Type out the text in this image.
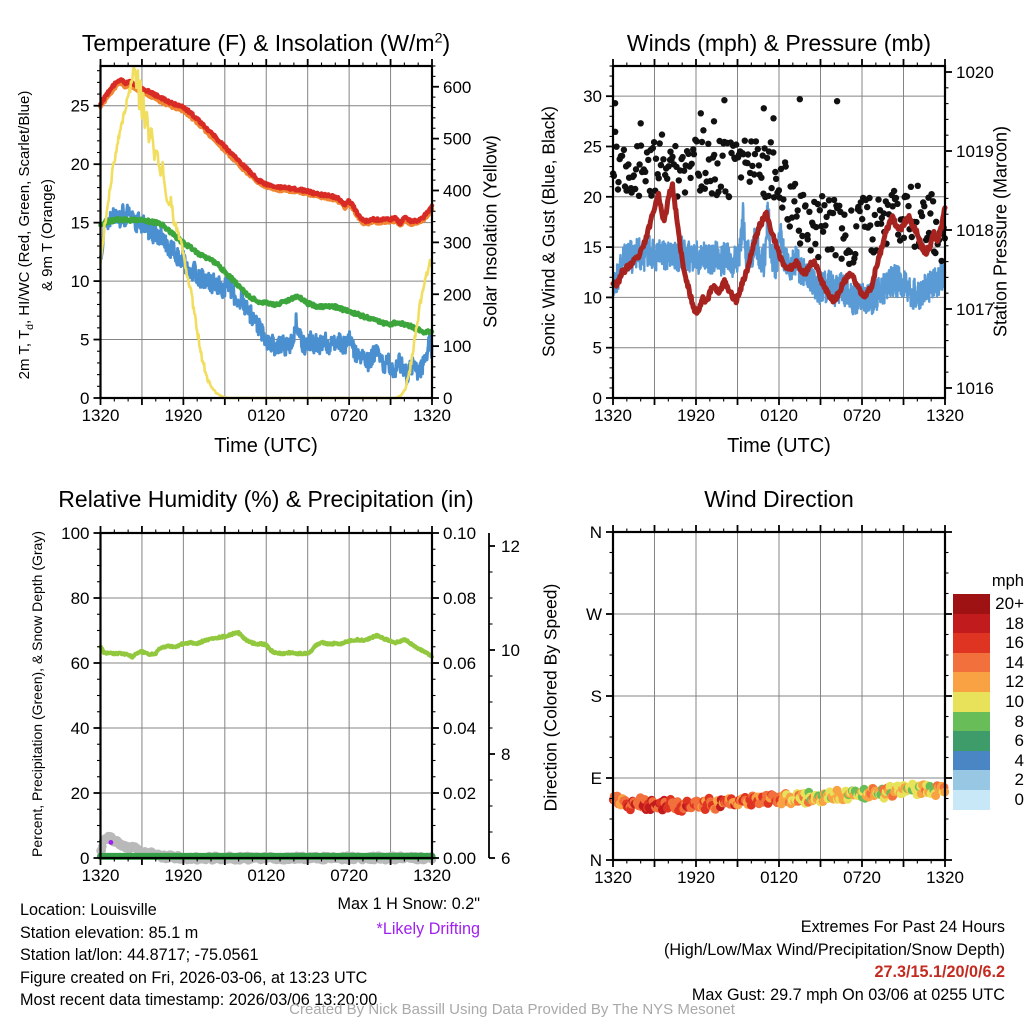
1320	1920	0120	0720	1320
0
5
10
15
20
25
0
100
200
300
400
500
600
1320	1920	0120	0720	1320
0
5
10
15
20
25
30
1016
1017
1018
1019
1020
1320	1920	0120	0720	1320
0
20
40
60
80
100
0.00
0.02
0.04
0.06
0.08
0.10
6
8
10
12
1320	1920	0120	0720	1320
N
E
S
W
N
Temperature (F) & Insolation $(W/m^2)$	Winds (mph) & Pressure (mb)
Relative Humidity (%) & Precipitation (in)	Wind Direction
Time (UTC)	Time (UTC)
2m T, $T_d$, HI/WC (Red, Green, Scarlet/Blue) & 9m T (Orange)	Solar Insolation (Yellow) Sonic Wind & Gust (Blue, Black)	Station Pressure (Maroon)
Percent, Precipitation (Green), & Snow Depth (Gray)	Direction (Colored By Speed)
mph
20+
18
16
14
12
10
8
6
4
2
0
Location: Louisville
Station elevation: 85.1 m
Station lat/lon: 44.8717; -75.0561
Figure created on Fri, 2026-03-06, at 13:23 UTC
Most recent data timestamp: 2026/03/06 13:20:00
Max 1 H Snow: 0.2"
*Likely Drifting	Extremes For Past 24 Hours
(High/Low/Max Wind/Precipitation/Snow Depth)
27.3/15.1/20/0/6.2
Max Gust: 29.7 mph On 03/06 at 0255 UTC
Created By Nick Bassill Using Data Provided By The NYS Mesonet
